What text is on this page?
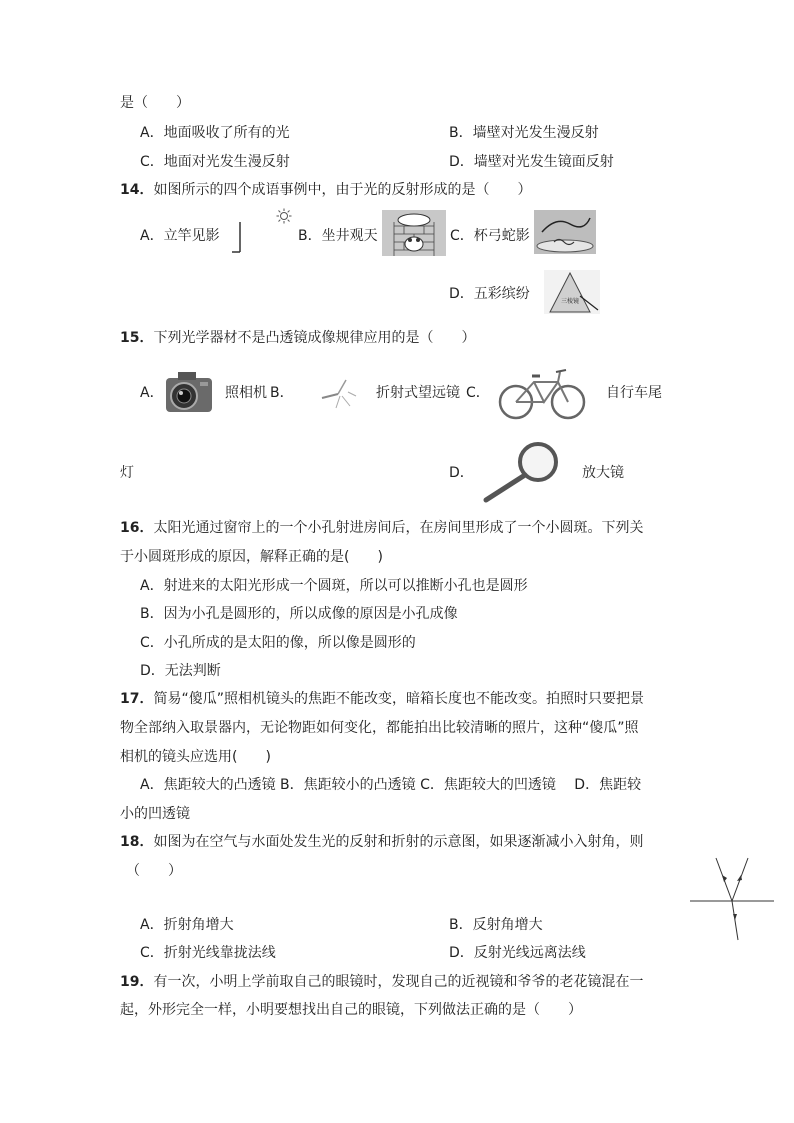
是（　　）
A．地面吸收了所有的光	B．墙壁对光发生漫反射
C．地面对光发生漫反射	D．墙壁对光发生镜面反射
14．如图所示的四个成语事例中，由于光的反射形成的是（　　）
A．立竿见影	B．坐井观天	C．杯弓蛇影
D．五彩缤纷	三棱镜
15．下列光学器材不是凸透镜成像规律应用的是（　　）
A．	照相机 B．	折射式望远镜 C．	自行车尾
灯	D．	放大镜
16．太阳光通过窗帘上的一个小孔射进房间后，在房间里形成了一个小圆斑。下列关
于小圆斑形成的原因，解释正确的是(　　)
A．射进来的太阳光形成一个圆斑，所以可以推断小孔也是圆形
B．因为小孔是圆形的，所以成像的原因是小孔成像
C．小孔所成的是太阳的像，所以像是圆形的
D．无法判断
17．简易“傻瓜”照相机镜头的焦距不能改变，暗箱长度也不能改变。拍照时只要把景
物全部纳入取景器内，无论物距如何变化，都能拍出比较清晰的照片，这种“傻瓜”照
相机的镜头应选用(　　)
A．焦距较大的凸透镜 B．焦距较小的凸透镜 C．焦距较大的凹透镜　 D．焦距较
小的凹透镜
18．如图为在空气与水面处发生光的反射和折射的示意图，如果逐渐减小入射角，则
（　　）
A．折射角增大	B．反射角增大
C．折射光线靠拢法线	D．反射光线远离法线
19．有一次，小明上学前取自己的眼镜时，发现自己的近视镜和爷爷的老花镜混在一
起，外形完全一样，小明要想找出自己的眼镜，下列做法正确的是（　　）
